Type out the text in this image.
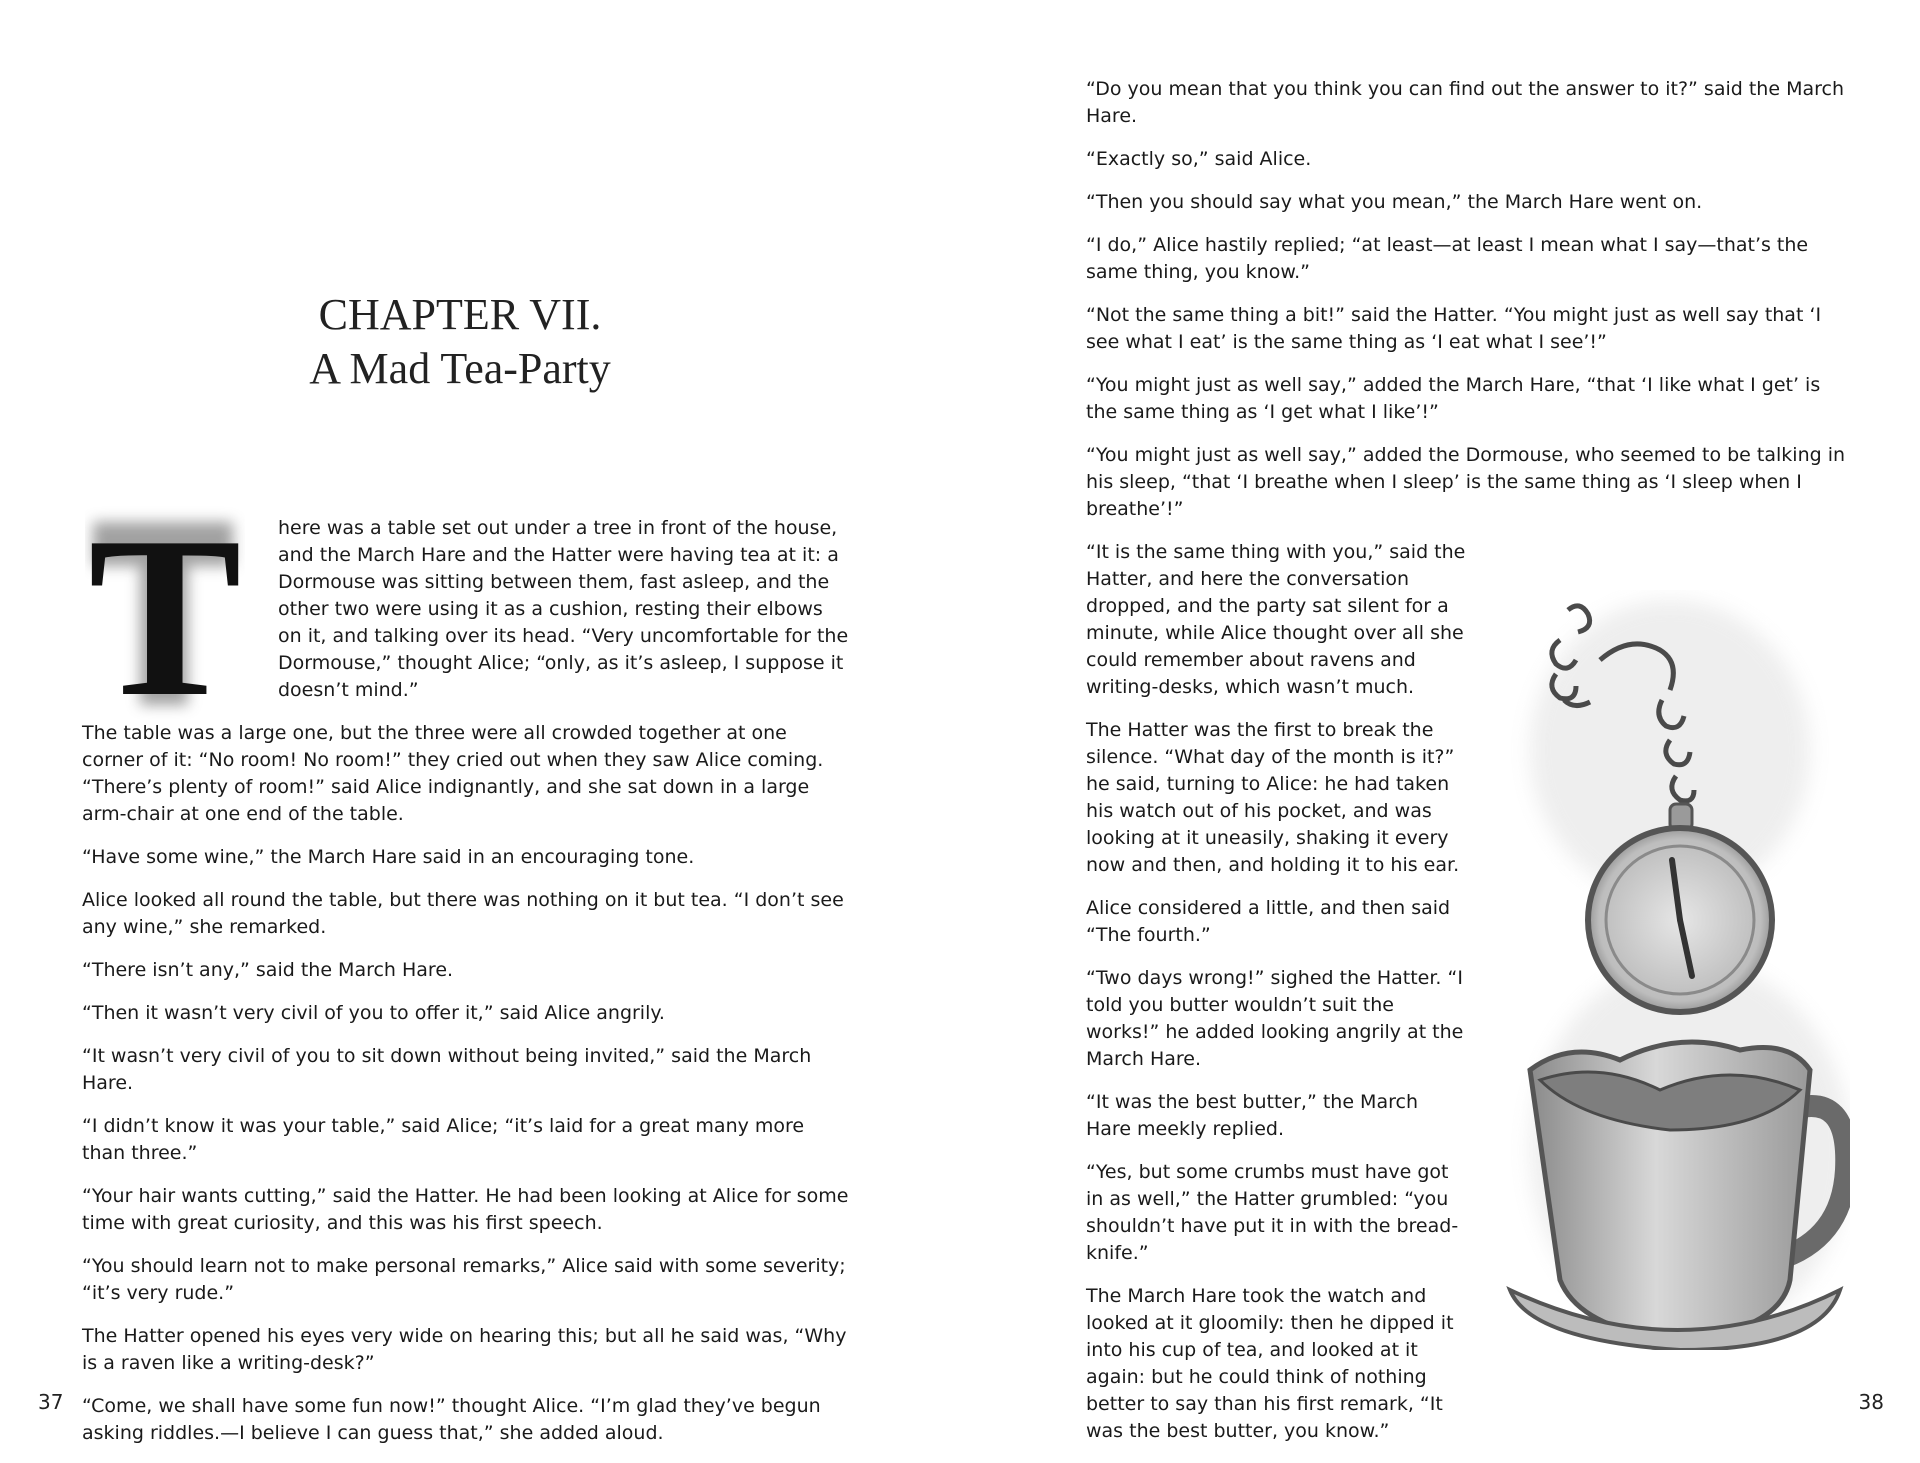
CHAPTER VII.
A Mad Tea-Party
T	here was a table set out under a tree in front of the house, and the March Hare and the Hatter were having tea at it: a Dormouse was sitting between them, fast asleep, and the other two were using it as a cushion, resting their elbows on it, and talking over its head. “Very uncomfortable for the Dormouse,” thought Alice; “only, as it’s asleep, I suppose it doesn’t mind.”

The table was a large one, but the three were all crowded together at one corner of it: “No room! No room!” they cried out when they saw Alice coming. “There’s plenty of room!” said Alice indignantly, and she sat down in a large arm-chair at one end of the table.

“Have some wine,” the March Hare said in an encouraging tone.

Alice looked all round the table, but there was nothing on it but tea. “I don’t see any wine,” she remarked.

“There isn’t any,” said the March Hare.

“Then it wasn’t very civil of you to offer it,” said Alice angrily.

“It wasn’t very civil of you to sit down without being invited,” said the March Hare.

“I didn’t know it was your table,” said Alice; “it’s laid for a great many more than three.”

“Your hair wants cutting,” said the Hatter. He had been looking at Alice for some time with great curiosity, and this was his first speech.

“You should learn not to make personal remarks,” Alice said with some severity; “it’s very rude.”

The Hatter opened his eyes very wide on hearing this; but all he said was, “Why is a raven like a writing-desk?”

“Come, we shall have some fun now!” thought Alice. “I’m glad they’ve begun asking riddles.—I believe I can guess that,” she added aloud.

37

“Do you mean that you think you can find out the answer to it?” said the March Hare.

“Exactly so,” said Alice.

“Then you should say what you mean,” the March Hare went on.

“I do,” Alice hastily replied; “at least—at least I mean what I say—that’s the same thing, you know.”

“Not the same thing a bit!” said the Hatter. “You might just as well say that ‘I see what I eat’ is the same thing as ‘I eat what I see’!”

“You might just as well say,” added the March Hare, “that ‘I like what I get’ is the same thing as ‘I get what I like’!”

“You might just as well say,” added the Dormouse, who seemed to be talking in his sleep, “that ‘I breathe when I sleep’ is the same thing as ‘I sleep when I breathe’!”

“It is the same thing with you,” said the Hatter, and here the conversation dropped, and the party sat silent for a minute, while Alice thought over all she could remember about ravens and writing-desks, which wasn’t much.

The Hatter was the first to break the silence. “What day of the month is it?” he said, turning to Alice: he had taken his watch out of his pocket, and was looking at it uneasily, shaking it every now and then, and holding it to his ear.

Alice considered a little, and then said “The fourth.”

“Two days wrong!” sighed the Hatter. “I told you butter wouldn’t suit the works!” he added looking angrily at the March Hare.

“It was the best butter,” the March Hare meekly replied.

“Yes, but some crumbs must have got in as well,” the Hatter grumbled: “you shouldn’t have put it in with the bread-knife.”

The March Hare took the watch and looked at it gloomily: then he dipped it into his cup of tea, and looked at it again: but he could think of nothing better to say than his first remark, “It was the best butter, you know.”

38
